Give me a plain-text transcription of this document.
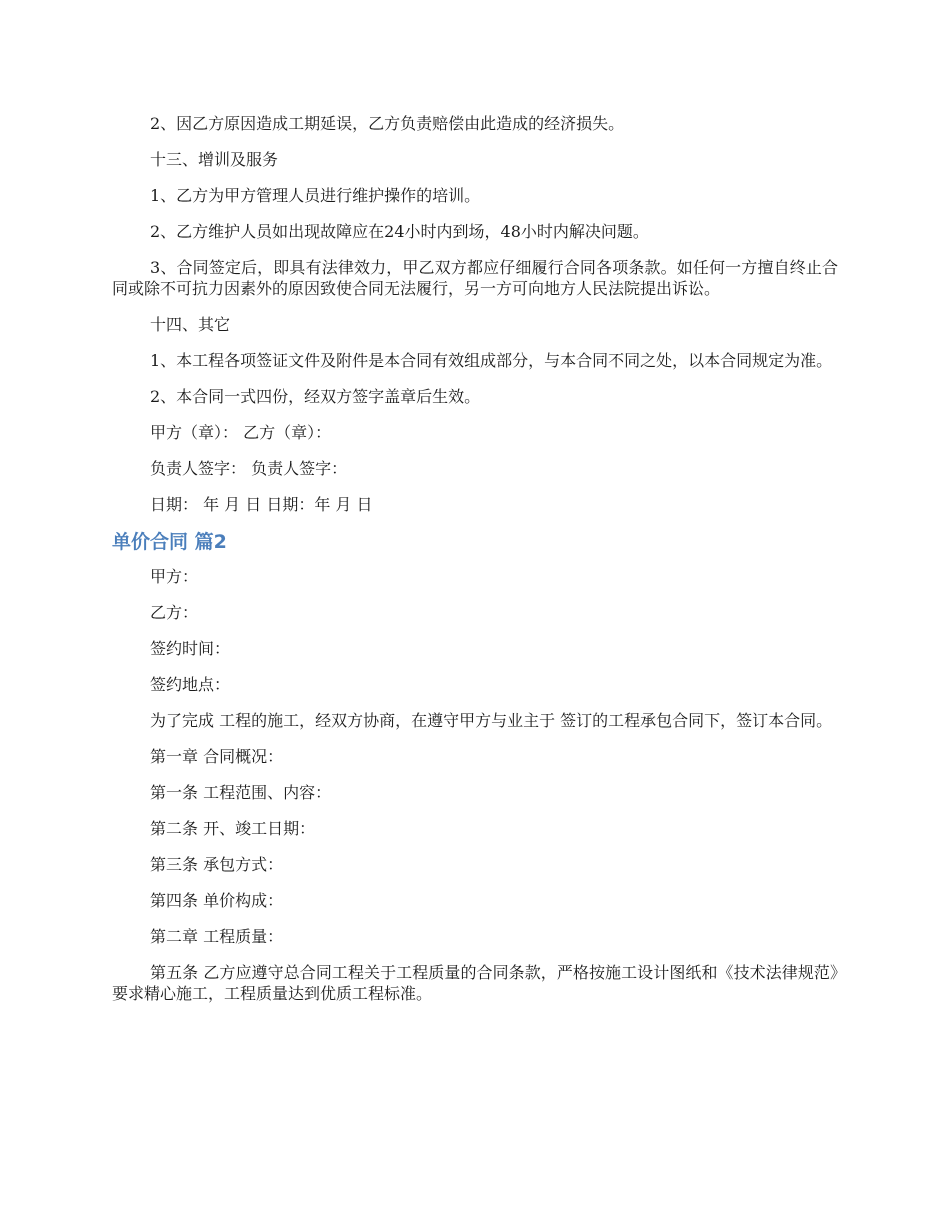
2、因乙方原因造成工期延误，乙方负责赔偿由此造成的经济损失。

十三、增训及服务

1、乙方为甲方管理人员进行维护操作的培训。

2、乙方维护人员如出现故障应在24小时内到场，48小时内解决问题。

3、合同签定后，即具有法律效力，甲乙双方都应仔细履行合同各项条款。如任何一方擅自终止合同或除不可抗力因素外的原因致使合同无法履行，另一方可向地方人民法院提出诉讼。

十四、其它

1、本工程各项签证文件及附件是本合同有效组成部分，与本合同不同之处，以本合同规定为准。

2、本合同一式四份，经双方签字盖章后生效。

甲方（章）： 乙方（章）：

负责人签字： 负责人签字：

日期： 年 月 日 日期：年 月 日

单价合同 篇2

甲方：

乙方：

签约时间：

签约地点：

为了完成 工程的施工，经双方协商，在遵守甲方与业主于 签订的工程承包合同下，签订本合同。

第一章 合同概况：

第一条 工程范围、内容：

第二条 开、竣工日期：

第三条 承包方式：

第四条 单价构成：

第二章 工程质量：

第五条 乙方应遵守总合同工程关于工程质量的合同条款，严格按施工设计图纸和《技术法律规范》要求精心施工，工程质量达到优质工程标准。
